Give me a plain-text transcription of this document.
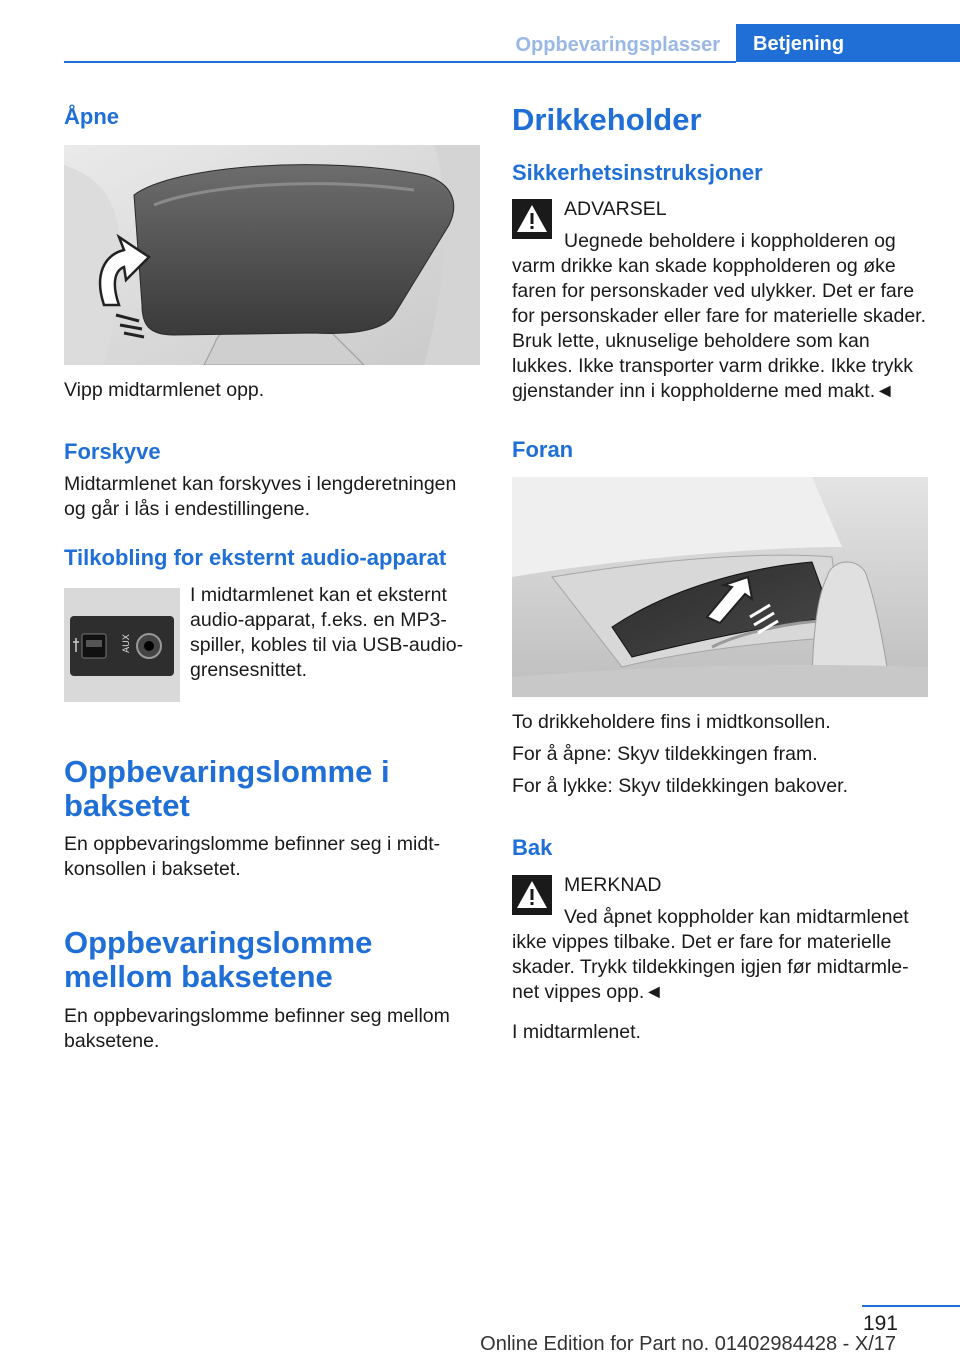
Oppbevaringsplasser	Betjening
Åpne
Vipp midtarmlenet opp.
Forskyve
Midtarmlenet kan forskyves i lengderetningen og går i lås i endestillingene.
Tilkobling for eksternt audio-apparat
AUX
I midtarmlenet kan et eksternt audio-apparat, f.eks. en MP3-spiller, kobles til via USB-audio-grensesnittet.
Oppbevaringslomme i baksetet
En oppbevaringslomme befinner seg i midtkonsollen i baksetet.
Oppbevaringslomme mellom baksetene
En oppbevaringslomme befinner seg mellom baksetene.
Drikkeholder
Sikkerhetsinstruksjoner
ADVARSEL
Uegnede beholdere i koppholderen og varm drikke kan skade koppholderen og øke faren for personskader ved ulykker. Det er fare for personskader eller fare for materielle skader. Bruk lette, uknuselige beholdere som kan lukkes. Ikke transporter varm drikke. Ikke trykk gjenstander inn i koppholderne med makt.◄
Foran
To drikkeholdere fins i midtkonsollen.
For å åpne: Skyv tildekkingen fram.
For å lykke: Skyv tildekkingen bakover.
Bak
MERKNAD
Ved åpnet koppholder kan midtarmlenet ikke vippes tilbake. Det er fare for materielle skader. Trykk tildekkingen igjen før midtarmlenet vippes opp.◄
I midtarmlenet.
191
Online Edition for Part no. 01402984428 - X/17
